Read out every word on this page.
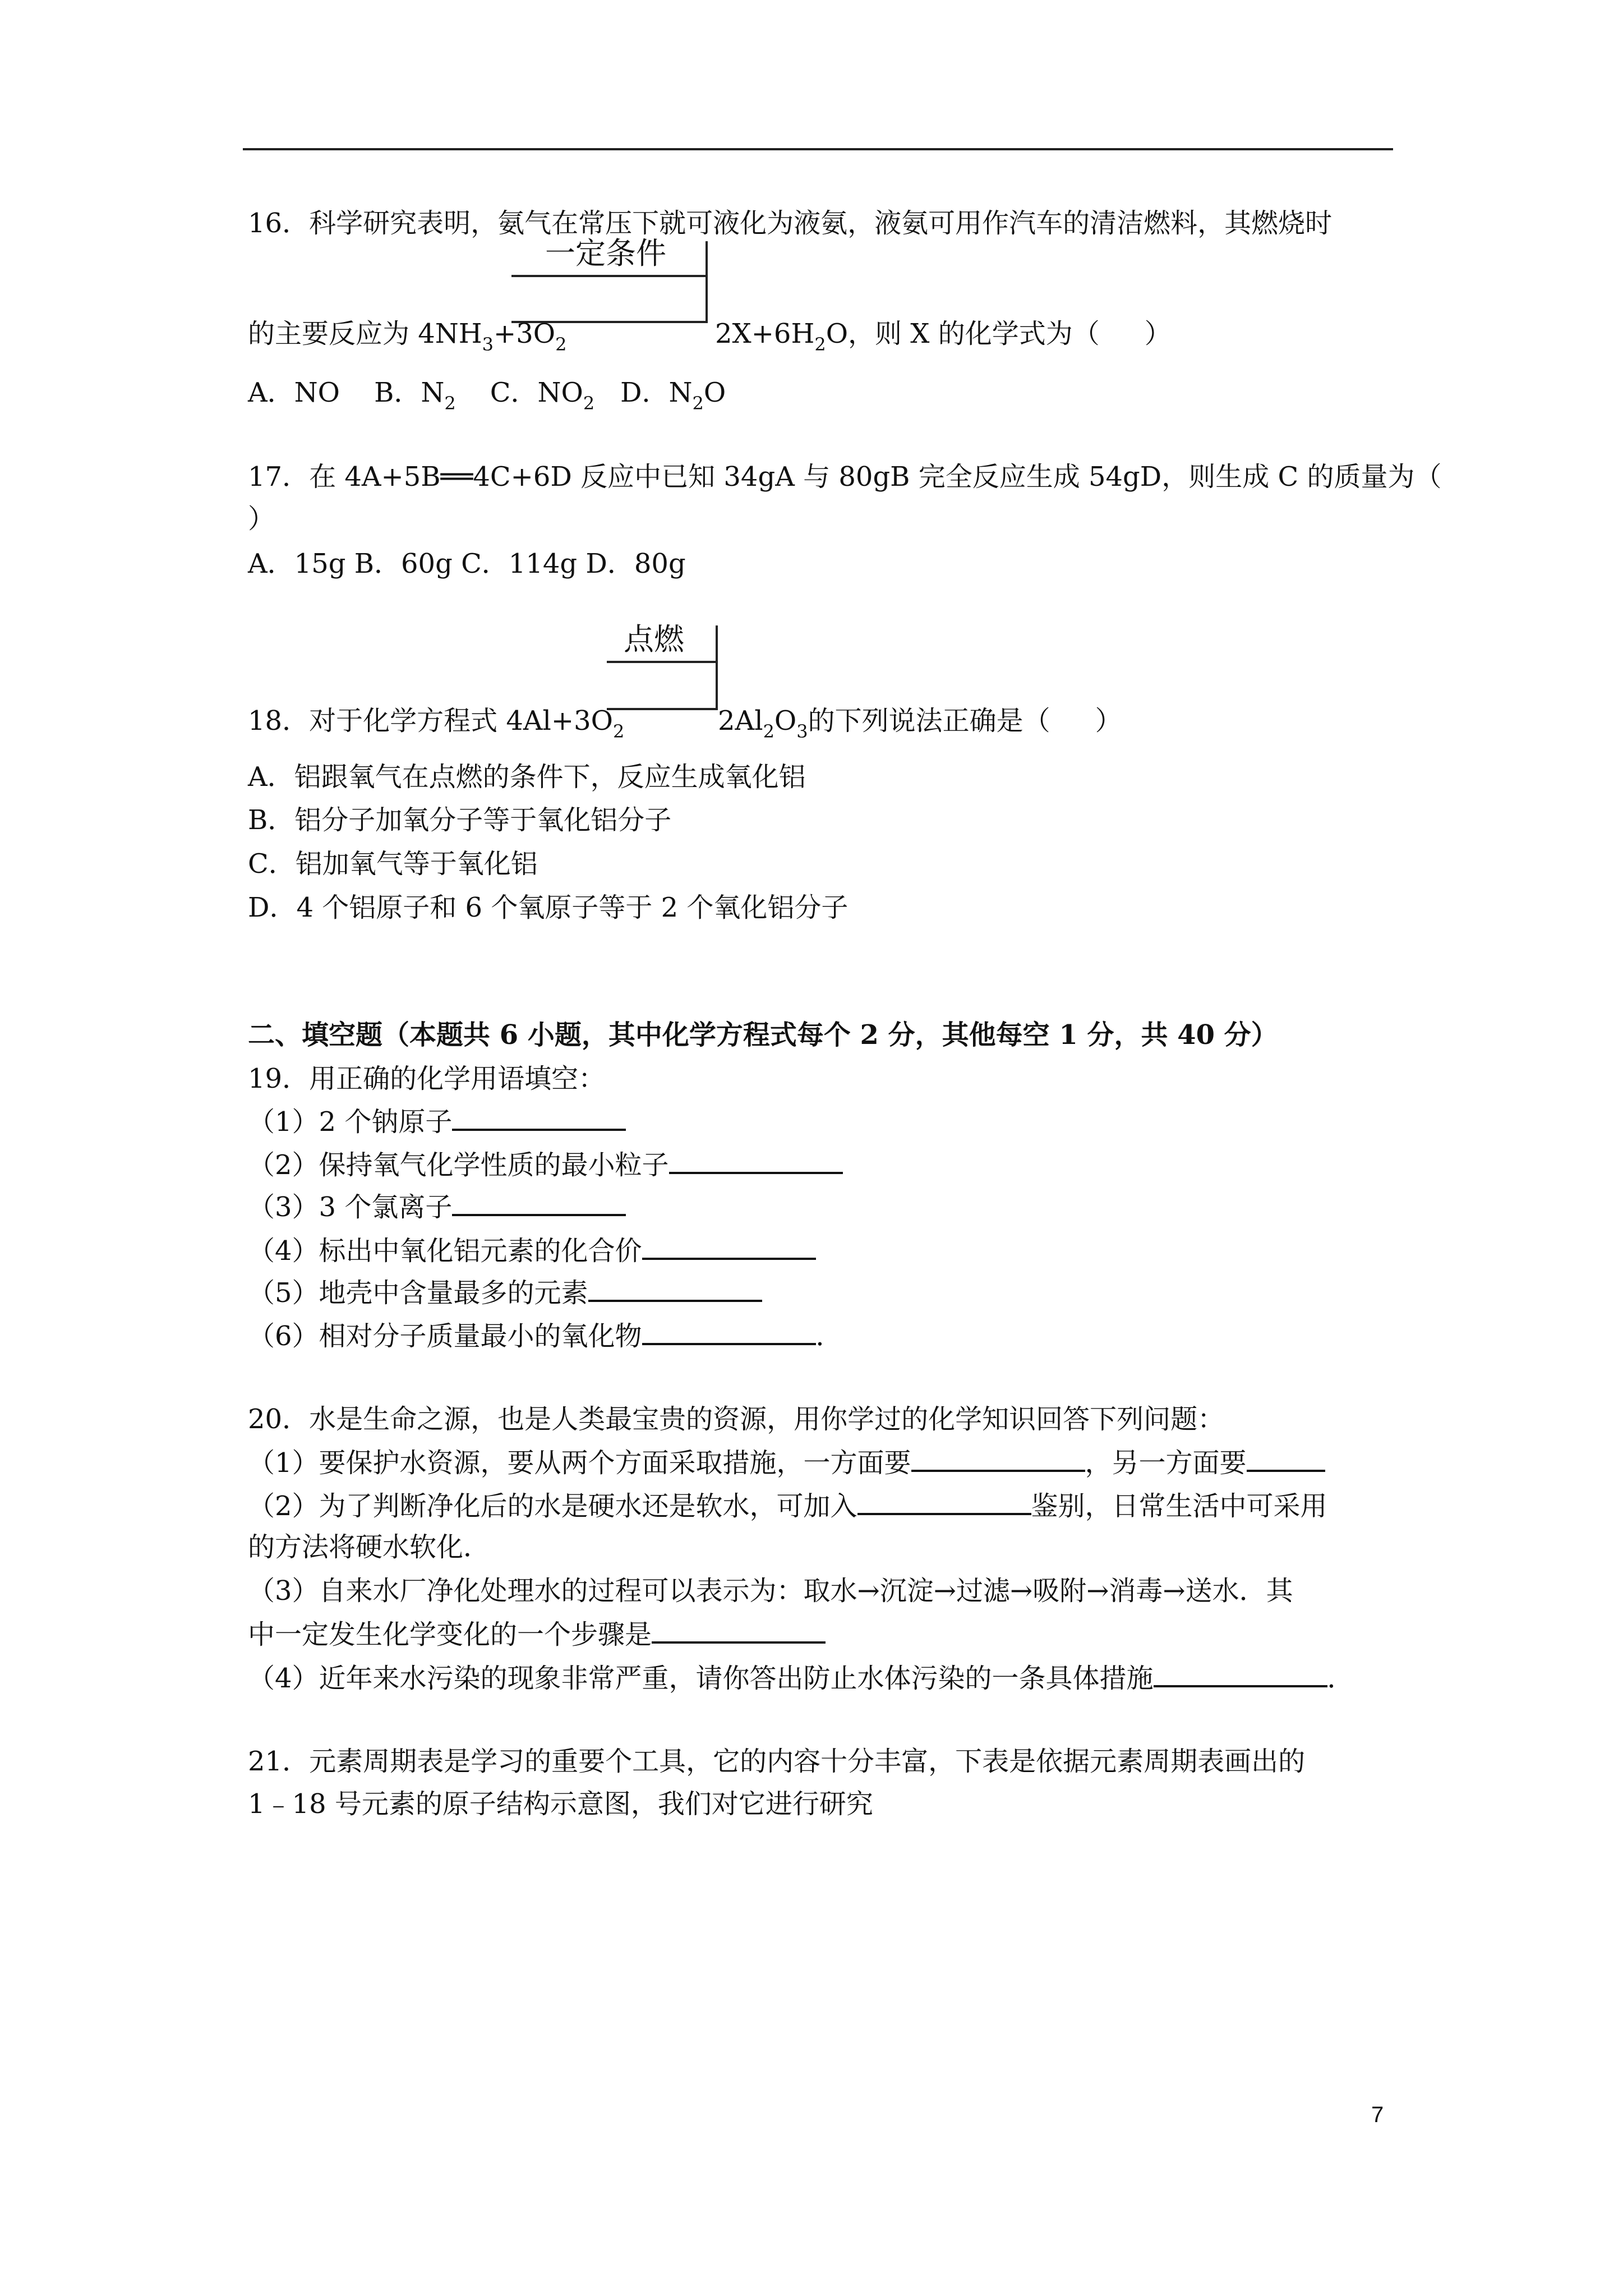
16．科学研究表明，氨气在常压下就可液化为液氨，液氨可用作汽车的清洁燃料，其燃烧时
一定条件
的主要反应为 $4NH_3+3O_2$	$2X+6H_2O$，则 X 的化学式为（ ）
A．NO B．$N_2$ C．$NO_2$ D．$N_2O$
17．在 4A+5B══4C+6D 反应中已知 34gA 与 80gB 完全反应生成 54gD，则生成 C 的质量为（
）
A．15g B．60g C．114g D．80g
点燃
18．对于化学方程式 $4Al+3O_2$	$2Al_2O_3$的下列说法正确是（ ）
A．铝跟氧气在点燃的条件下，反应生成氧化铝
B．铝分子加氧分子等于氧化铝分子
C．铝加氧气等于氧化铝
D．4 个铝原子和 6 个氧原子等于 2 个氧化铝分子
二、填空题（本题共 6 小题，其中化学方程式每个 2 分，其他每空 1 分，共 40 分）
19．用正确的化学用语填空：
（1）2 个钠原子
（2）保持氧气化学性质的最小粒子
（3）3 个氯离子
（4）标出中氧化铝元素的化合价
（5）地壳中含量最多的元素
（6）相对分子质量最小的氧化物	．
20．水是生命之源，也是人类最宝贵的资源，用你学过的化学知识回答下列问题：
（1）要保护水资源，要从两个方面采取措施，一方面要	，另一方面要
（2）为了判断净化后的水是硬水还是软水，可加入	鉴别，日常生活中可采用
的方法将硬水软化．
（3）自来水厂净化处理水的过程可以表示为：取水→沉淀→过滤→吸附→消毒→送水．其
中一定发生化学变化的一个步骤是
（4）近年来水污染的现象非常严重，请你答出防止水体污染的一条具体措施	．
21．元素周期表是学习的重要个工具，它的内容十分丰富，下表是依据元素周期表画出的
1﹣18 号元素的原子结构示意图，我们对它进行研究
7
